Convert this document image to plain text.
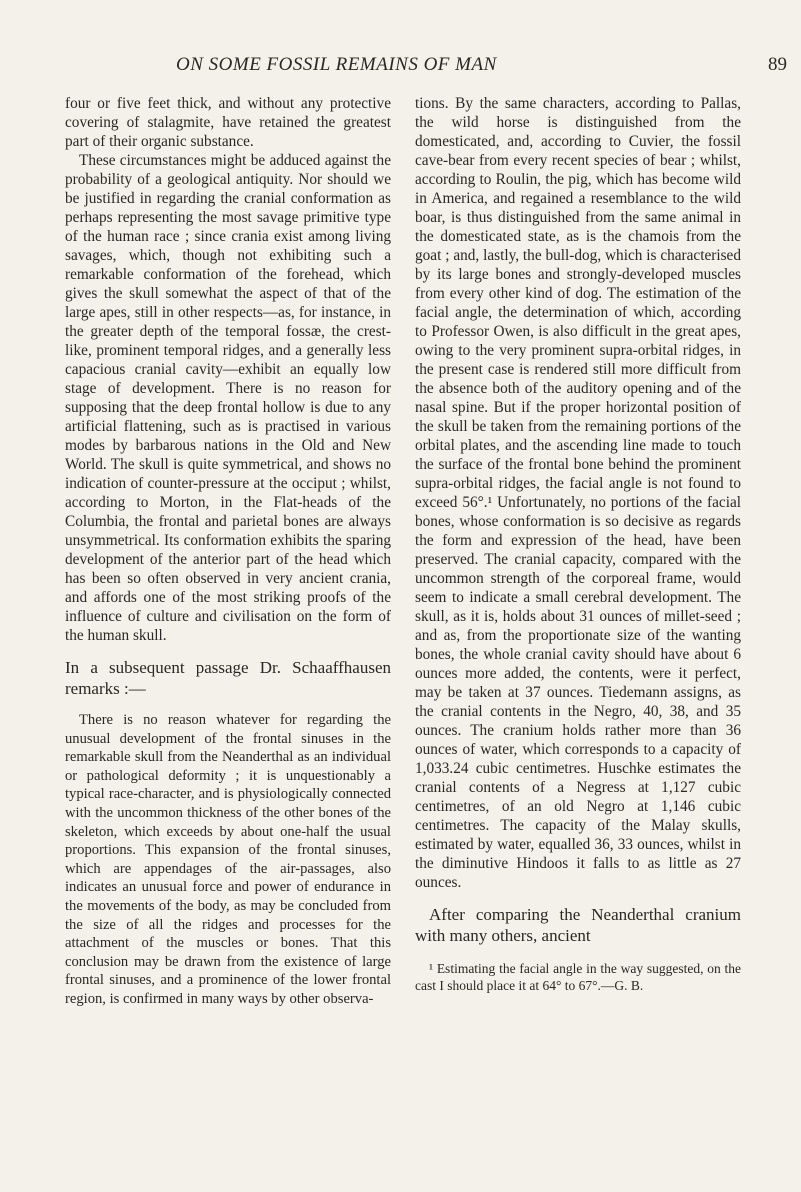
ON SOME FOSSIL REMAINS OF MAN	89

four or five feet thick, and without any protective covering of stalagmite, have retained the greatest part of their organic substance.

These circumstances might be adduced against the probability of a geological antiquity. Nor should we be justified in regarding the cranial conformation as perhaps representing the most savage primitive type of the human race ; since crania exist among living savages, which, though not exhibiting such a remarkable conformation of the forehead, which gives the skull somewhat the aspect of that of the large apes, still in other respects—as, for instance, in the greater depth of the temporal fossæ, the crest-like, prominent temporal ridges, and a generally less capacious cranial cavity—exhibit an equally low stage of development. There is no reason for supposing that the deep frontal hollow is due to any artificial flattening, such as is practised in various modes by barbarous nations in the Old and New World. The skull is quite symmetrical, and shows no indication of counter-pressure at the occiput ; whilst, according to Morton, in the Flat-heads of the Columbia, the frontal and parietal bones are always unsymmetrical. Its conformation exhibits the sparing development of the anterior part of the head which has been so often observed in very ancient crania, and affords one of the most striking proofs of the influence of culture and civilisation on the form of the human skull.

In a subsequent passage Dr. Schaaffhausen remarks :—

There is no reason whatever for regarding the unusual development of the frontal sinuses in the remarkable skull from the Neanderthal as an individual or pathological deformity ; it is unquestionably a typical race-character, and is physiologically connected with the uncommon thickness of the other bones of the skeleton, which exceeds by about one-half the usual proportions. This expansion of the frontal sinuses, which are appendages of the air-passages, also indicates an unusual force and power of endurance in the movements of the body, as may be concluded from the size of all the ridges and processes for the attachment of the muscles or bones. That this conclusion may be drawn from the existence of large frontal sinuses, and a prominence of the lower frontal region, is confirmed in many ways by other observa-

tions. By the same characters, according to Pallas, the wild horse is distinguished from the domesticated, and, according to Cuvier, the fossil cave-bear from every recent species of bear ; whilst, according to Roulin, the pig, which has become wild in America, and regained a resemblance to the wild boar, is thus distinguished from the same animal in the domesticated state, as is the chamois from the goat ; and, lastly, the bull-dog, which is characterised by its large bones and strongly-developed muscles from every other kind of dog. The estimation of the facial angle, the determination of which, according to Professor Owen, is also difficult in the great apes, owing to the very prominent supra-orbital ridges, in the present case is rendered still more difficult from the absence both of the auditory opening and of the nasal spine. But if the proper horizontal position of the skull be taken from the remaining portions of the orbital plates, and the ascending line made to touch the surface of the frontal bone behind the prominent supra-orbital ridges, the facial angle is not found to exceed 56°.¹ Unfortunately, no portions of the facial bones, whose conformation is so decisive as regards the form and expression of the head, have been preserved. The cranial capacity, compared with the uncommon strength of the corporeal frame, would seem to indicate a small cerebral development. The skull, as it is, holds about 31 ounces of millet-seed ; and as, from the proportionate size of the wanting bones, the whole cranial cavity should have about 6 ounces more added, the contents, were it perfect, may be taken at 37 ounces. Tiedemann assigns, as the cranial contents in the Negro, 40, 38, and 35 ounces. The cranium holds rather more than 36 ounces of water, which corresponds to a capacity of 1,033.24 cubic centimetres. Huschke estimates the cranial contents of a Negress at 1,127 cubic centimetres, of an old Negro at 1,146 cubic centimetres. The capacity of the Malay skulls, estimated by water, equalled 36, 33 ounces, whilst in the diminutive Hindoos it falls to as little as 27 ounces.

After comparing the Neanderthal cranium with many others, ancient

¹ Estimating the facial angle in the way suggested, on the cast I should place it at 64° to 67°.—G. B.
